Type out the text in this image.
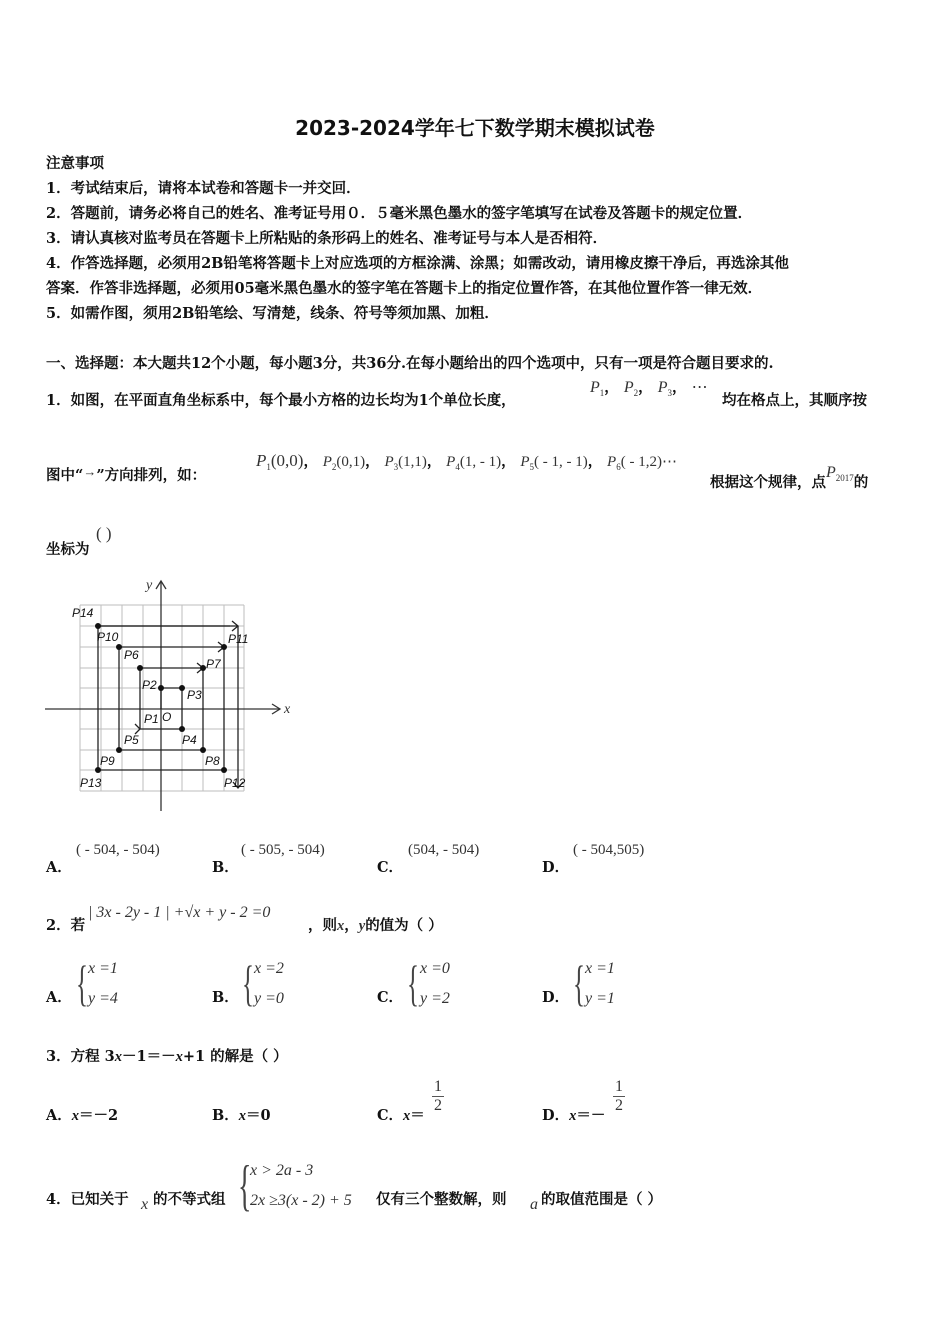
2023-2024学年七下数学期末模拟试卷
注意事项
1．考试结束后，请将本试卷和答题卡一并交回．
2．答题前，请务必将自己的姓名、准考证号用０．５毫米黑色墨水的签字笔填写在试卷及答题卡的规定位置．
3．请认真核对监考员在答题卡上所粘贴的条形码上的姓名、准考证号与本人是否相符．
4．作答选择题，必须用2B铅笔将答题卡上对应选项的方框涂满、涂黑；如需改动，请用橡皮擦干净后，再选涂其他
答案．作答非选择题，必须用05毫米黑色墨水的签字笔在答题卡上的指定位置作答，在其他位置作答一律无效．
5．如需作图，须用2B铅笔绘、写清楚，线条、符号等须加黑、加粗．
一、选择题：本大题共12个小题，每小题3分，共36分.在每小题给出的四个选项中，只有一项是符合题目要求的.
1．如图，在平面直角坐标系中，每个最小方格的边长均为1个单位长度，
$P_1$， $P_2$， $P_3$， ⋯
均在格点上，其顺序按
图中“→”方向排列，如：
$P_1(0,0)$， $P_2(0,1)$， $P_3(1,1)$， $P_4(1$, - 1)， $P_5( - 1$, - 1)， $P_6$( - 1,2)⋯
根据这个规律，点$P^{2017}$的
坐标为
( )
x
y
P14
P10
P6
P2
P1
P3
P7
P11
P4
P8
P12
P5
P9
P13
O
A．
( - 504, - 504)
B．
( - 505, - 504)
C．
(504, - 504)
D．
( - 504,505)
2．若
| 3x - 2y - 1 | +√x + y - 2 =0
，则x，y的值为（ ）
A． { x =1
y =4	B． { x =2
y =0	C． { x =0
y =2	D． { x =1
y =1
3．方程 3x－1＝－x+1 的解是（ ）
A．x＝－2	B．x＝0	C．x＝
$\frac{1}{2}$
D．x＝－
$\frac{1}{2}$
4．已知关于 x 的不等式组 {
x > 2a - 3
2x ≥3(x - 2) + 5 仅有三个整数解，则 a 的取值范围是（ ）
